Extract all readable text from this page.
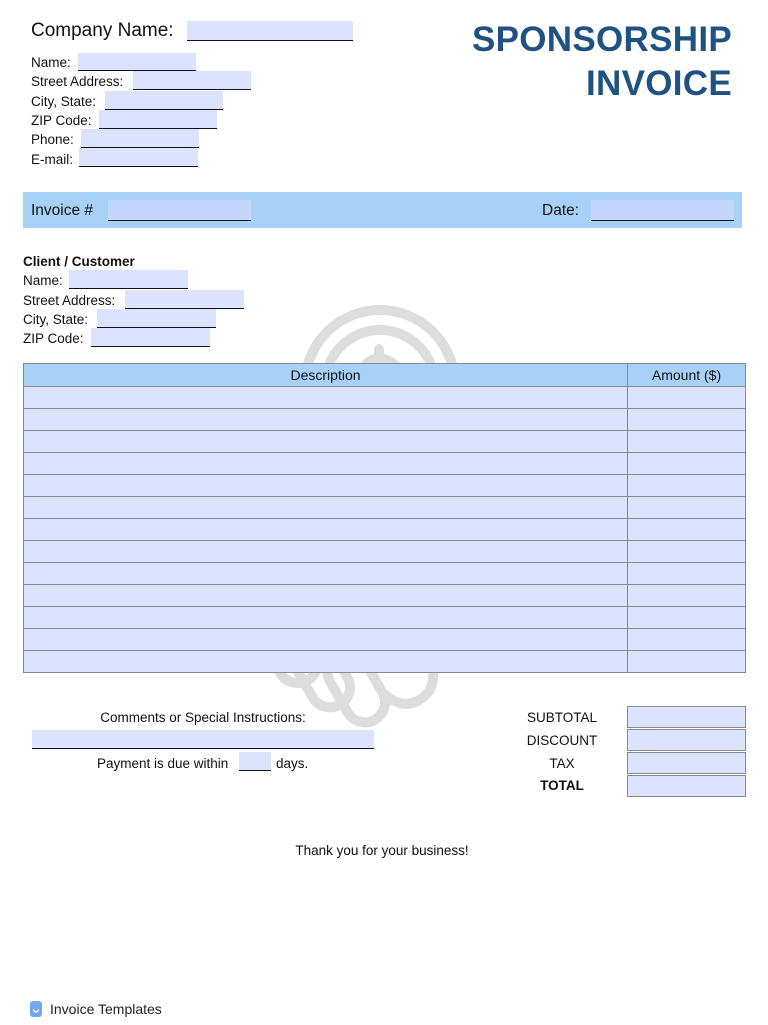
Company Name:
Name:
Street Address:
City, State:
ZIP Code:
Phone:
E-mail:
SPONSORSHIP
INVOICE
Invoice #	Date:
Client / Customer
Name:
Street Address:
City, State:
ZIP Code:
Description	Amount ($)

Comments or Special Instructions:
Payment is due within	days.
SUBTOTAL
DISCOUNT
TAX
TOTAL
Thank you for your business!
Invoice Templates
